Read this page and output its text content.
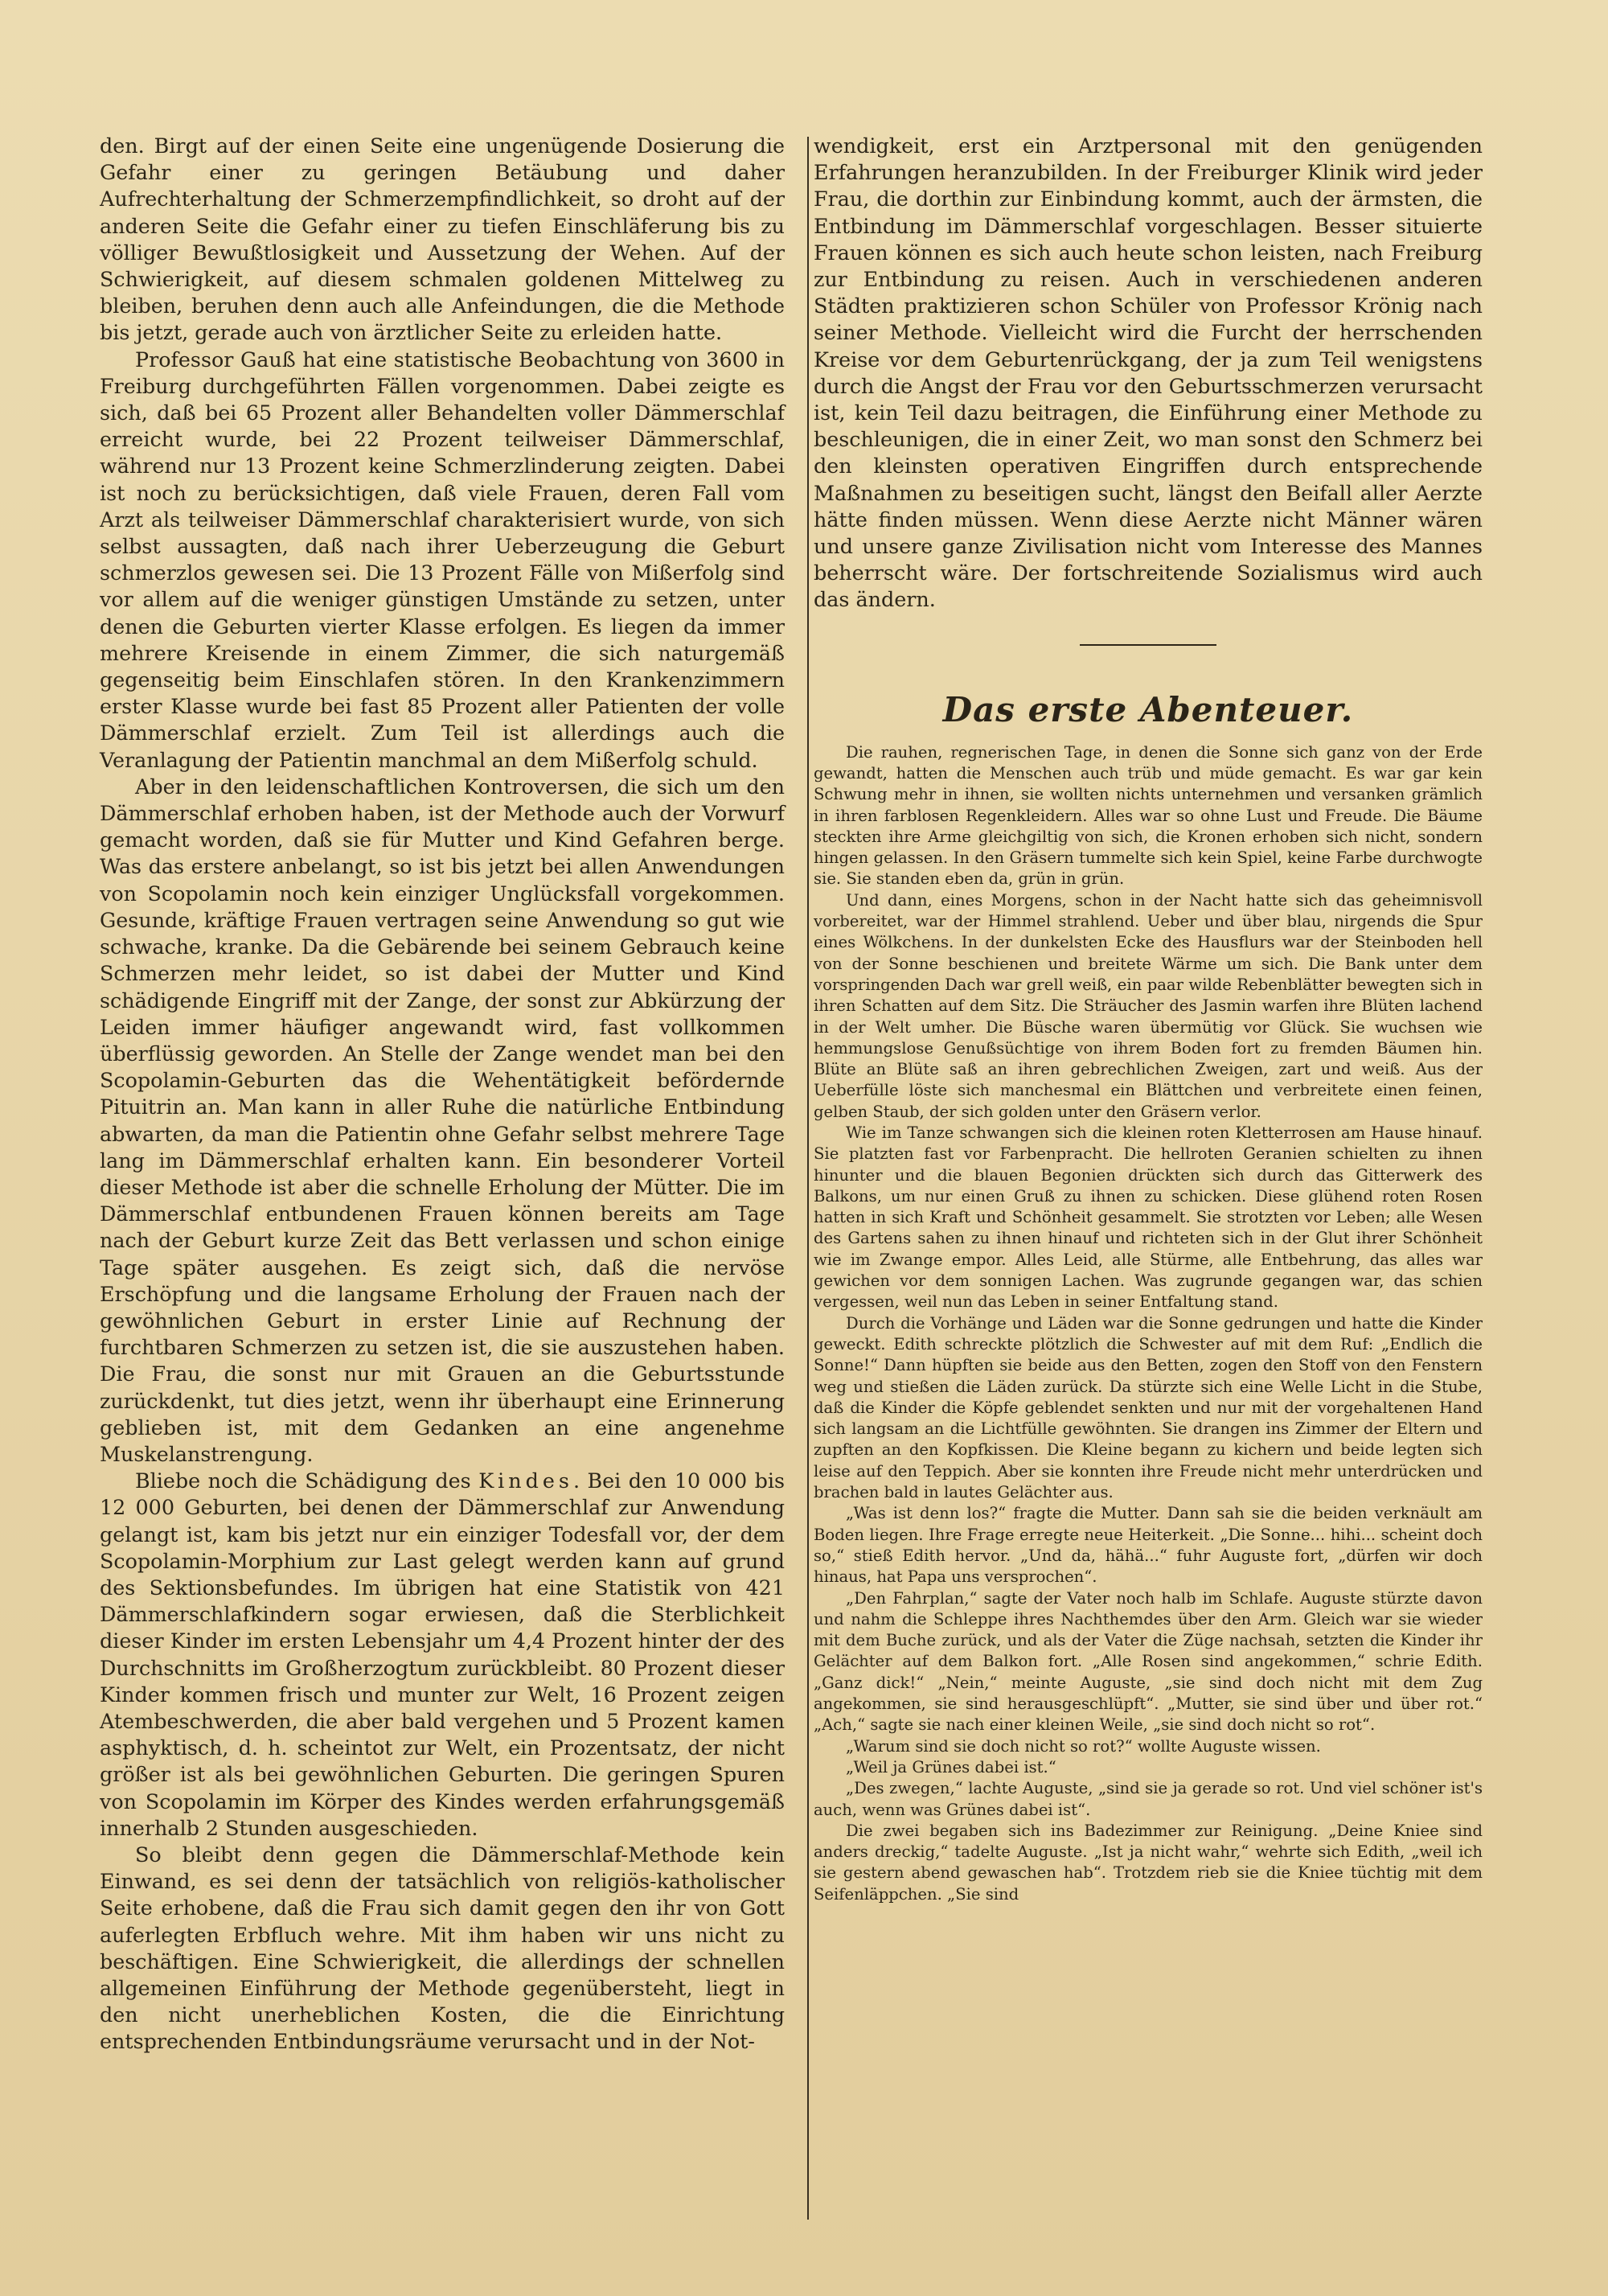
den. Birgt auf der einen Seite eine ungenügende Dosierung die Gefahr einer zu geringen Betäubung und daher Aufrechterhaltung der Schmerzempfindlichkeit, so droht auf der anderen Seite die Gefahr einer zu tiefen Einschläferung bis zu völliger Bewußtlosigkeit und Aussetzung der Wehen. Auf der Schwierigkeit, auf diesem schmalen goldenen Mittelweg zu bleiben, beruhen denn auch alle Anfeindungen, die die Methode bis jetzt, gerade auch von ärztlicher Seite zu erleiden hatte.

Professor Gauß hat eine statistische Beobachtung von 3600 in Freiburg durchgeführten Fällen vorgenommen. Dabei zeigte es sich, daß bei 65 Prozent aller Behandelten voller Dämmerschlaf erreicht wurde, bei 22 Prozent teilweiser Dämmerschlaf, während nur 13 Prozent keine Schmerzlinderung zeigten. Dabei ist noch zu berücksichtigen, daß viele Frauen, deren Fall vom Arzt als teilweiser Dämmerschlaf charakterisiert wurde, von sich selbst aussagten, daß nach ihrer Ueberzeugung die Geburt schmerzlos gewesen sei. Die 13 Prozent Fälle von Mißerfolg sind vor allem auf die weniger günstigen Umstände zu setzen, unter denen die Geburten vierter Klasse erfolgen. Es liegen da immer mehrere Kreisende in einem Zimmer, die sich naturgemäß gegenseitig beim Einschlafen stören. In den Krankenzimmern erster Klasse wurde bei fast 85 Prozent aller Patienten der volle Dämmerschlaf erzielt. Zum Teil ist allerdings auch die Veranlagung der Patientin manchmal an dem Mißerfolg schuld.

Aber in den leidenschaftlichen Kontroversen, die sich um den Dämmerschlaf erhoben haben, ist der Methode auch der Vorwurf gemacht worden, daß sie für Mutter und Kind Gefahren berge. Was das erstere anbelangt, so ist bis jetzt bei allen Anwendungen von Scopolamin noch kein einziger Unglücksfall vorgekommen. Gesunde, kräftige Frauen vertragen seine Anwendung so gut wie schwache, kranke. Da die Gebärende bei seinem Gebrauch keine Schmerzen mehr leidet, so ist dabei der Mutter und Kind schädigende Eingriff mit der Zange, der sonst zur Abkürzung der Leiden immer häufiger angewandt wird, fast vollkommen überflüssig geworden. An Stelle der Zange wendet man bei den Scopolamin-Geburten das die Wehentätigkeit befördernde Pituitrin an. Man kann in aller Ruhe die natürliche Entbindung abwarten, da man die Patientin ohne Gefahr selbst mehrere Tage lang im Dämmerschlaf erhalten kann. Ein besonderer Vorteil dieser Methode ist aber die schnelle Erholung der Mütter. Die im Dämmerschlaf entbundenen Frauen können bereits am Tage nach der Geburt kurze Zeit das Bett verlassen und schon einige Tage später ausgehen. Es zeigt sich, daß die nervöse Erschöpfung und die langsame Erholung der Frauen nach der gewöhnlichen Geburt in erster Linie auf Rechnung der furchtbaren Schmerzen zu setzen ist, die sie auszustehen haben. Die Frau, die sonst nur mit Grauen an die Geburtsstunde zurückdenkt, tut dies jetzt, wenn ihr überhaupt eine Erinnerung geblieben ist, mit dem Gedanken an eine angenehme Muskelanstrengung.

Bliebe noch die Schädigung des Kindes. Bei den 10 000 bis 12 000 Geburten, bei denen der Dämmerschlaf zur Anwendung gelangt ist, kam bis jetzt nur ein einziger Todesfall vor, der dem Scopolamin-Morphium zur Last gelegt werden kann auf grund des Sektionsbefundes. Im übrigen hat eine Statistik von 421 Dämmerschlafkindern sogar erwiesen, daß die Sterblichkeit dieser Kinder im ersten Lebensjahr um 4,4 Prozent hinter der des Durchschnitts im Großherzogtum zurückbleibt. 80 Prozent dieser Kinder kommen frisch und munter zur Welt, 16 Prozent zeigen Atembeschwerden, die aber bald vergehen und 5 Prozent kamen asphyktisch, d. h. scheintot zur Welt, ein Prozentsatz, der nicht größer ist als bei gewöhnlichen Geburten. Die geringen Spuren von Scopolamin im Körper des Kindes werden erfahrungsgemäß innerhalb 2 Stunden ausgeschieden.

So bleibt denn gegen die Dämmerschlaf-Methode kein Einwand, es sei denn der tatsächlich von religiös-katholischer Seite erhobene, daß die Frau sich damit gegen den ihr von Gott auferlegten Erbfluch wehre. Mit ihm haben wir uns nicht zu beschäftigen. Eine Schwierigkeit, die allerdings der schnellen allgemeinen Einführung der Methode gegenübersteht, liegt in den nicht unerheblichen Kosten, die die Einrichtung entsprechenden Entbindungsräume verursacht und in der Not-

wendigkeit, erst ein Arztpersonal mit den genügenden Erfahrungen heranzubilden. In der Freiburger Klinik wird jeder Frau, die dorthin zur Einbindung kommt, auch der ärmsten, die Entbindung im Dämmerschlaf vorgeschlagen. Besser situierte Frauen können es sich auch heute schon leisten, nach Freiburg zur Entbindung zu reisen. Auch in verschiedenen anderen Städten praktizieren schon Schüler von Professor Krönig nach seiner Methode. Vielleicht wird die Furcht der herrschenden Kreise vor dem Geburtenrückgang, der ja zum Teil wenigstens durch die Angst der Frau vor den Geburtsschmerzen verursacht ist, kein Teil dazu beitragen, die Einführung einer Methode zu beschleunigen, die in einer Zeit, wo man sonst den Schmerz bei den kleinsten operativen Eingriffen durch entsprechende Maßnahmen zu beseitigen sucht, längst den Beifall aller Aerzte hätte finden müssen. Wenn diese Aerzte nicht Männer wären und unsere ganze Zivilisation nicht vom Interesse des Mannes beherrscht wäre. Der fortschreitende Sozialismus wird auch das ändern.

Das erste Abenteuer.

Die rauhen, regnerischen Tage, in denen die Sonne sich ganz von der Erde gewandt, hatten die Menschen auch trüb und müde gemacht. Es war gar kein Schwung mehr in ihnen, sie wollten nichts unternehmen und versanken grämlich in ihren farblosen Regenkleidern. Alles war so ohne Lust und Freude. Die Bäume steckten ihre Arme gleichgiltig von sich, die Kronen erhoben sich nicht, sondern hingen gelassen. In den Gräsern tummelte sich kein Spiel, keine Farbe durchwogte sie. Sie standen eben da, grün in grün.

Und dann, eines Morgens, schon in der Nacht hatte sich das geheimnisvoll vorbereitet, war der Himmel strahlend. Ueber und über blau, nirgends die Spur eines Wölkchens. In der dunkelsten Ecke des Hausflurs war der Steinboden hell von der Sonne beschienen und breitete Wärme um sich. Die Bank unter dem vorspringenden Dach war grell weiß, ein paar wilde Rebenblätter bewegten sich in ihren Schatten auf dem Sitz. Die Sträucher des Jasmin warfen ihre Blüten lachend in der Welt umher. Die Büsche waren übermütig vor Glück. Sie wuchsen wie hemmungslose Genußsüchtige von ihrem Boden fort zu fremden Bäumen hin. Blüte an Blüte saß an ihren gebrechlichen Zweigen, zart und weiß. Aus der Ueberfülle löste sich manchesmal ein Blättchen und verbreitete einen feinen, gelben Staub, der sich golden unter den Gräsern verlor.

Wie im Tanze schwangen sich die kleinen roten Kletterrosen am Hause hinauf. Sie platzten fast vor Farbenpracht. Die hellroten Geranien schielten zu ihnen hinunter und die blauen Begonien drückten sich durch das Gitterwerk des Balkons, um nur einen Gruß zu ihnen zu schicken. Diese glühend roten Rosen hatten in sich Kraft und Schönheit gesammelt. Sie strotzten vor Leben; alle Wesen des Gartens sahen zu ihnen hinauf und richteten sich in der Glut ihrer Schönheit wie im Zwange empor. Alles Leid, alle Stürme, alle Entbehrung, das alles war gewichen vor dem sonnigen Lachen. Was zugrunde gegangen war, das schien vergessen, weil nun das Leben in seiner Entfaltung stand.

Durch die Vorhänge und Läden war die Sonne gedrungen und hatte die Kinder geweckt. Edith schreckte plötzlich die Schwester auf mit dem Ruf: „Endlich die Sonne!“ Dann hüpften sie beide aus den Betten, zogen den Stoff von den Fenstern weg und stießen die Läden zurück. Da stürzte sich eine Welle Licht in die Stube, daß die Kinder die Köpfe geblendet senkten und nur mit der vorgehaltenen Hand sich langsam an die Lichtfülle gewöhnten. Sie drangen ins Zimmer der Eltern und zupften an den Kopfkissen. Die Kleine begann zu kichern und beide legten sich leise auf den Teppich. Aber sie konnten ihre Freude nicht mehr unterdrücken und brachen bald in lautes Gelächter aus.

„Was ist denn los?“ fragte die Mutter. Dann sah sie die beiden verknäult am Boden liegen. Ihre Frage erregte neue Heiterkeit. „Die Sonne... hihi... scheint doch so,“ stieß Edith hervor. „Und da, hähä...“ fuhr Auguste fort, „dürfen wir doch hinaus, hat Papa uns versprochen“.

„Den Fahrplan,“ sagte der Vater noch halb im Schlafe. Auguste stürzte davon und nahm die Schleppe ihres Nachthemdes über den Arm. Gleich war sie wieder mit dem Buche zurück, und als der Vater die Züge nachsah, setzten die Kinder ihr Gelächter auf dem Balkon fort. „Alle Rosen sind angekommen,“ schrie Edith. „Ganz dick!“ „Nein,“ meinte Auguste, „sie sind doch nicht mit dem Zug angekommen, sie sind herausgeschlüpft“. „Mutter, sie sind über und über rot.“ „Ach,“ sagte sie nach einer kleinen Weile, „sie sind doch nicht so rot“.

„Warum sind sie doch nicht so rot?“ wollte Auguste wissen.

„Weil ja Grünes dabei ist.“

„Des zwegen,“ lachte Auguste, „sind sie ja gerade so rot. Und viel schöner ist's auch, wenn was Grünes dabei ist“.

Die zwei begaben sich ins Badezimmer zur Reinigung. „Deine Kniee sind anders dreckig,“ tadelte Auguste. „Ist ja nicht wahr,“ wehrte sich Edith, „weil ich sie gestern abend gewaschen hab“. Trotzdem rieb sie die Kniee tüchtig mit dem Seifenläppchen. „Sie sind
